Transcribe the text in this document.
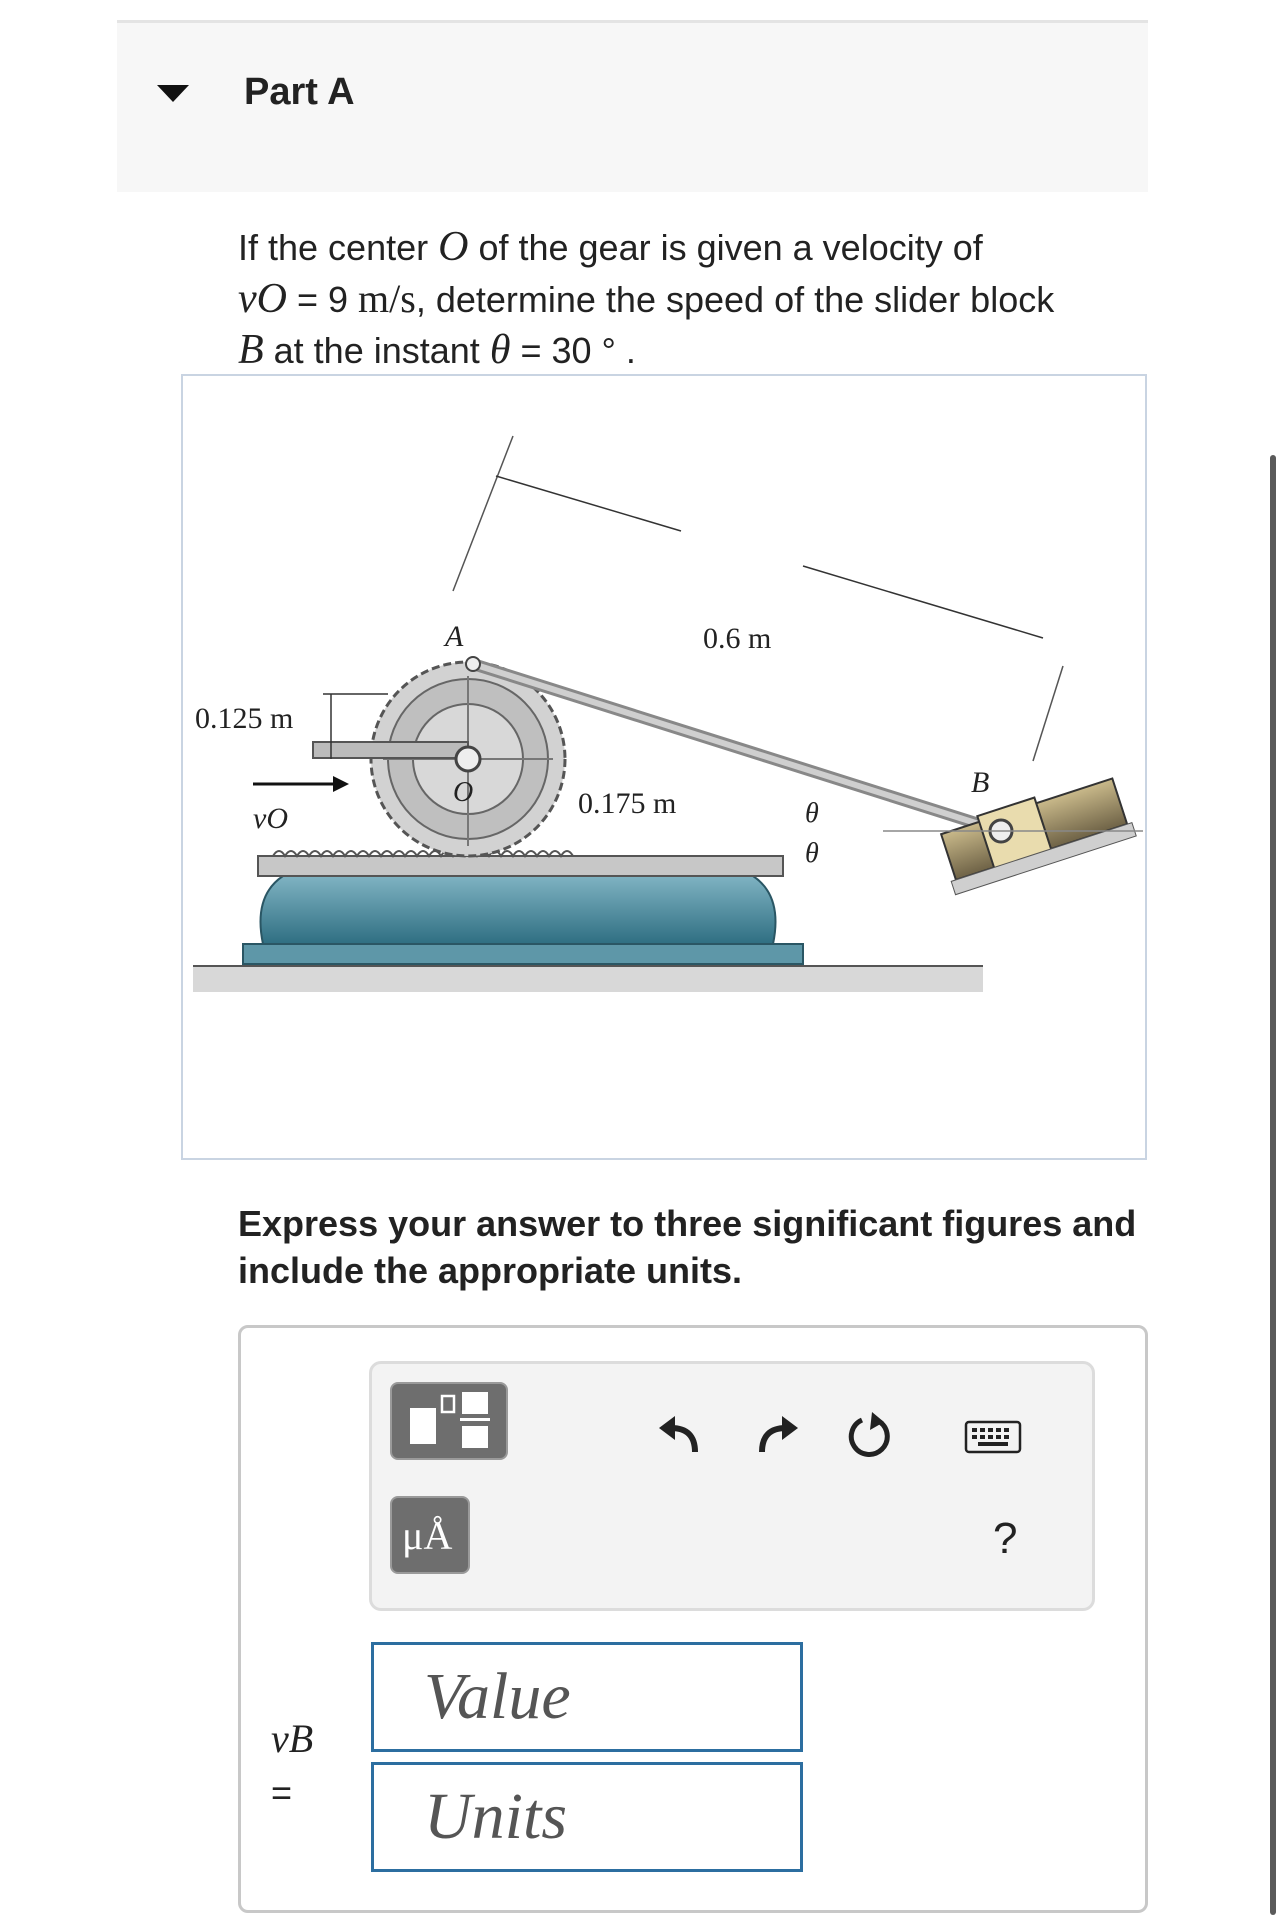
Part A
If the center O of the gear is given a velocity of
vO = 9 m/s, determine the speed of the slider block
B at the instant θ = 30 ° .
0.6 m
0.125 m
0.175 m
A
O	B
vO	θ
θ
Express your answer to three significant figures and include the appropriate units.
μÅ	?
vB
=
Value
Units
